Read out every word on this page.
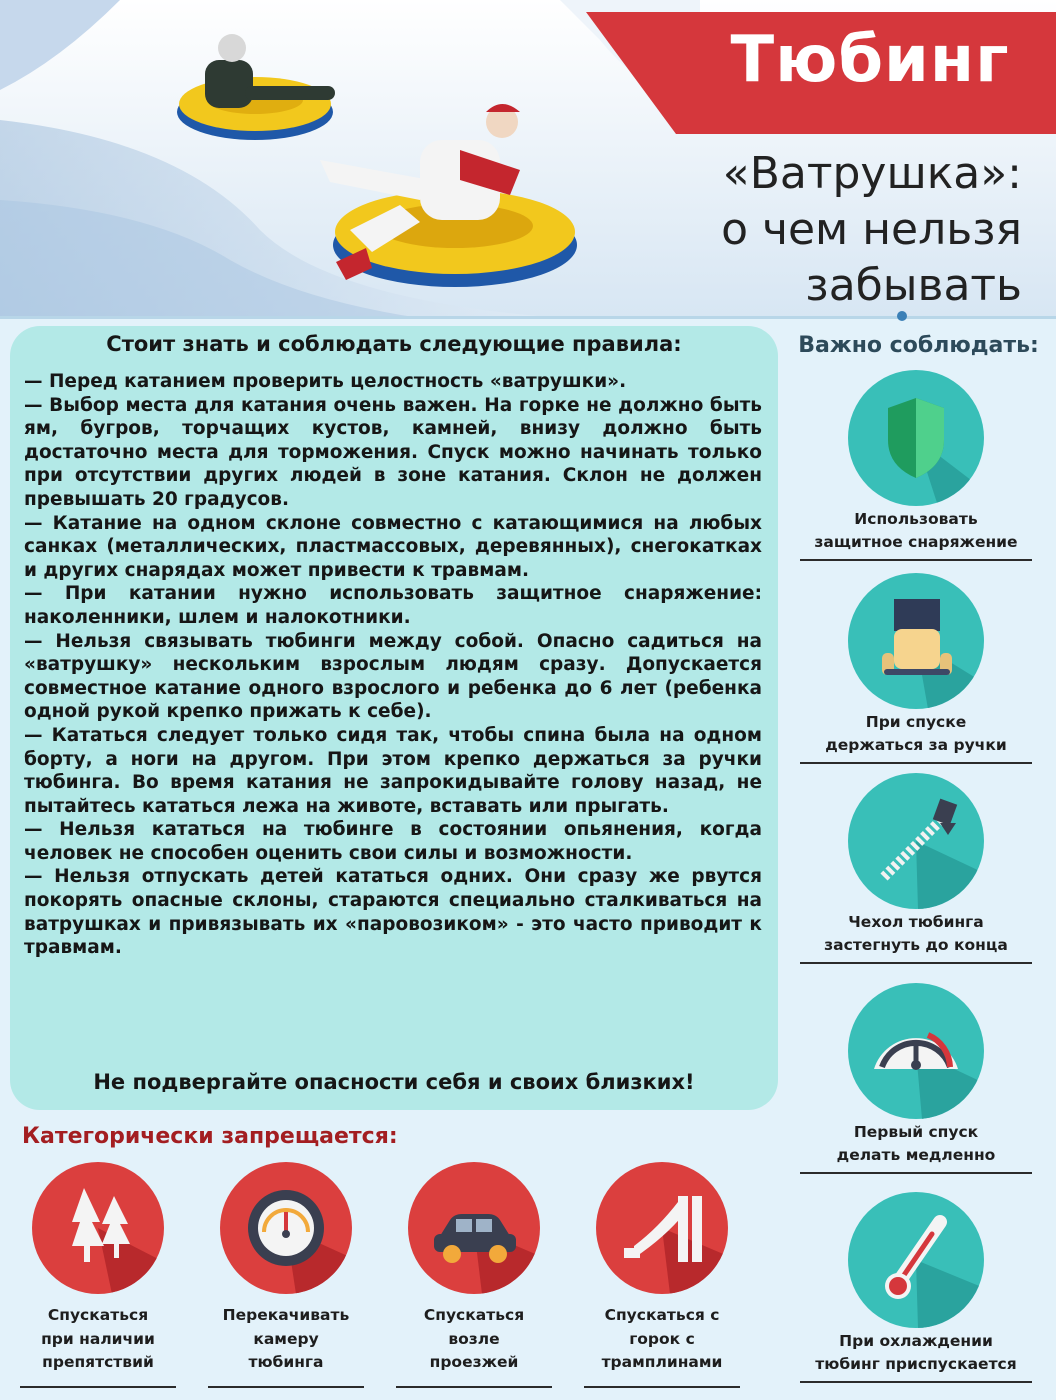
Тюбинг
«Ватрушка»:
о чем нельзя
забывать
Стоит знать и соблюдать следующие правила:
— Перед катанием проверить целостность «ватрушки».
— Выбор места для катания очень важен. На горке не должно быть ям, бугров, торчащих кустов, камней, внизу должно быть достаточно места для торможения. Спуск можно начинать только при отсутствии других людей в зоне катания. Склон не должен превышать 20 градусов.
— Катание на одном склоне совместно с катающимися на любых санках (металлических, пластмассовых, деревянных), снегокатках и других снарядах может привести к травмам.
— При катании нужно использовать защитное снаряжение: наколенники, шлем и налокотники.
— Нельзя связывать тюбинги между собой. Опасно садиться на «ватрушку» нескольким взрослым людям сразу. Допускается совместное катание одного взрослого и ребенка до 6 лет (ребенка одной рукой крепко прижать к себе).
— Кататься следует только сидя так, чтобы спина была на одном борту, а ноги на другом. При этом крепко держаться за ручки тюбинга. Во время катания не запрокидывайте голову назад, не пытайтесь кататься лежа на животе, вставать или прыгать.
— Нельзя кататься на тюбинге в состоянии опьянения, когда человек не способен оценить свои силы и возможности.
— Нельзя отпускать детей кататься одних. Они сразу же рвутся покорять опасные склоны, стараются специально сталкиваться на ватрушках и привязывать их «паровозиком» - это часто приводит к травмам.
Не подвергайте опасности себя и своих близких!
Важно соблюдать:
Использовать
защитное снаряжение
При спуске
держаться за ручки
Чехол тюбинга
застегнуть до конца
Первый спуск
делать медленно
При охлаждении
тюбинг приспускается
Категорически запрещается:
Спускаться
при наличии
препятствий
Перекачивать
камеру
тюбинга
Спускаться
возле
проезжей
Спускаться с
горок с
трамплинами
